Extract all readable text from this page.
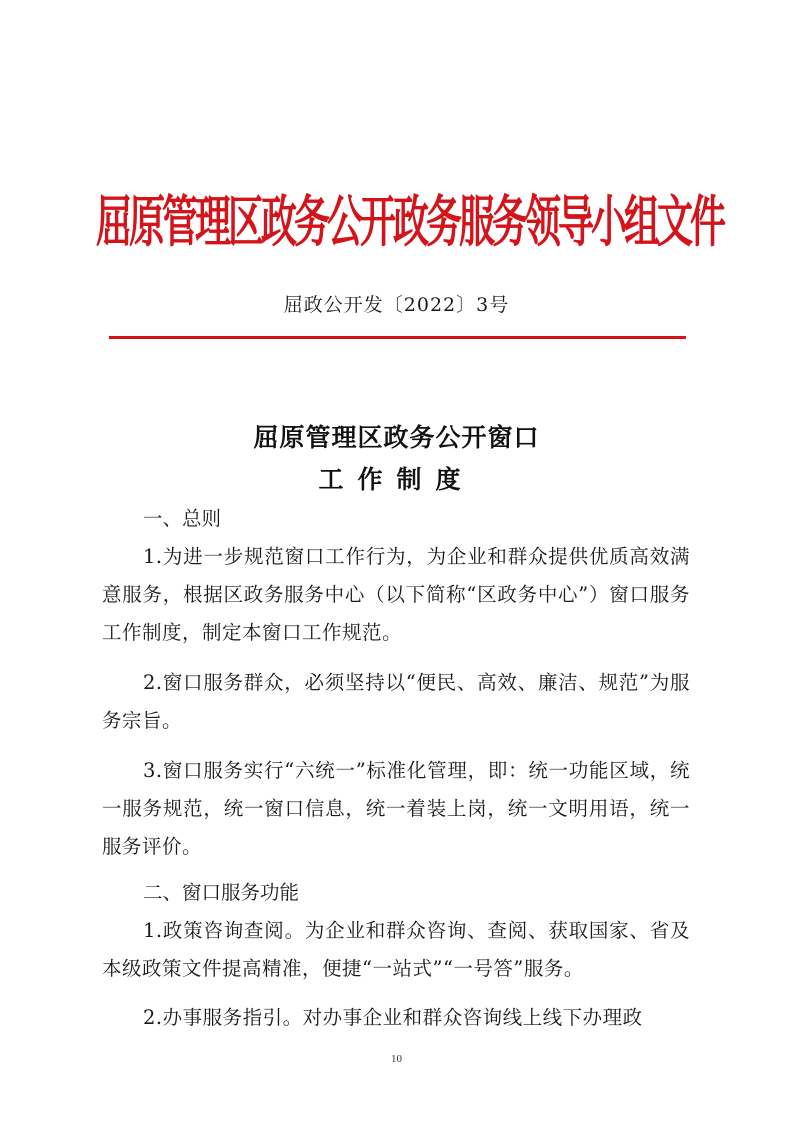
屈原管理区政务公开政务服务领导小组文件
屈政公开发〔2022〕3号
屈原管理区政务公开窗口
工作制度
一、总则
1.为进一步规范窗口工作行为，为企业和群众提供优质高效满意服务，根据区政务服务中心（以下简称“区政务中心”）窗口服务工作制度，制定本窗口工作规范。
2.窗口服务群众，必须坚持以“便民、高效、廉洁、规范”为服务宗旨。
3.窗口服务实行“六统一”标准化管理，即：统一功能区域，统一服务规范，统一窗口信息，统一着装上岗，统一文明用语，统一服务评价。
二、窗口服务功能
1.政策咨询查阅。为企业和群众咨询、查阅、获取国家、省及本级政策文件提高精准，便捷“一站式”“一号答”服务。
2.办事服务指引。对办事企业和群众咨询线上线下办理政
10
